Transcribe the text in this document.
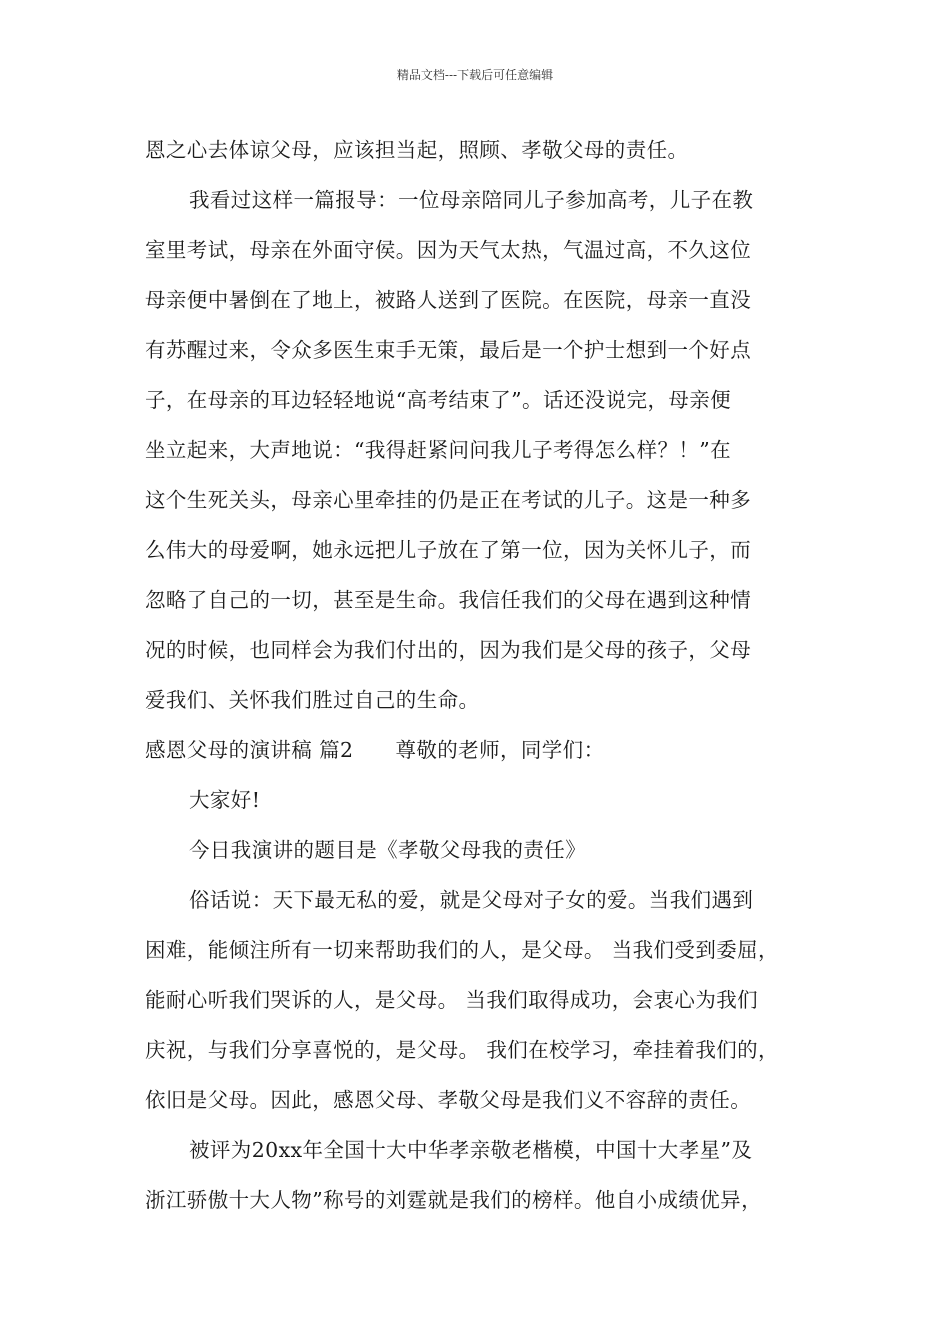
精品文档---下载后可任意编辑
恩之心去体谅父母，应该担当起，照顾、孝敬父母的责任。
我看过这样一篇报导：一位母亲陪同儿子参加高考，儿子在教
室里考试，母亲在外面守侯。因为天气太热，气温过高，不久这位
母亲便中暑倒在了地上，被路人送到了医院。在医院，母亲一直没
有苏醒过来，令众多医生束手无策，最后是一个护士想到一个好点
子，在母亲的耳边轻轻地说“高考结束了”。话还没说完，母亲便
坐立起来，大声地说：“我得赶紧问问我儿子考得怎么样？！”在
这个生死关头，母亲心里牵挂的仍是正在考试的儿子。这是一种多
么伟大的母爱啊，她永远把儿子放在了第一位，因为关怀儿子，而
忽略了自己的一切，甚至是生命。我信任我们的父母在遇到这种情
况的时候，也同样会为我们付出的，因为我们是父母的孩子，父母
爱我们、关怀我们胜过自己的生命。
感恩父母的演讲稿 篇2 尊敬的老师，同学们：
大家好!
今日我演讲的题目是《孝敬父母我的责任》
俗话说：天下最无私的爱，就是父母对子女的爱。当我们遇到
困难，能倾注所有一切来帮助我们的人，是父母。 当我们受到委屈，
能耐心听我们哭诉的人，是父母。 当我们取得成功，会衷心为我们
庆祝，与我们分享喜悦的，是父母。 我们在校学习，牵挂着我们的，
依旧是父母。因此，感恩父母、孝敬父母是我们义不容辞的责任。
被评为20xx年全国十大中华孝亲敬老楷模，中国十大孝星”及
浙江骄傲十大人物”称号的刘霆就是我们的榜样。他自小成绩优异，
